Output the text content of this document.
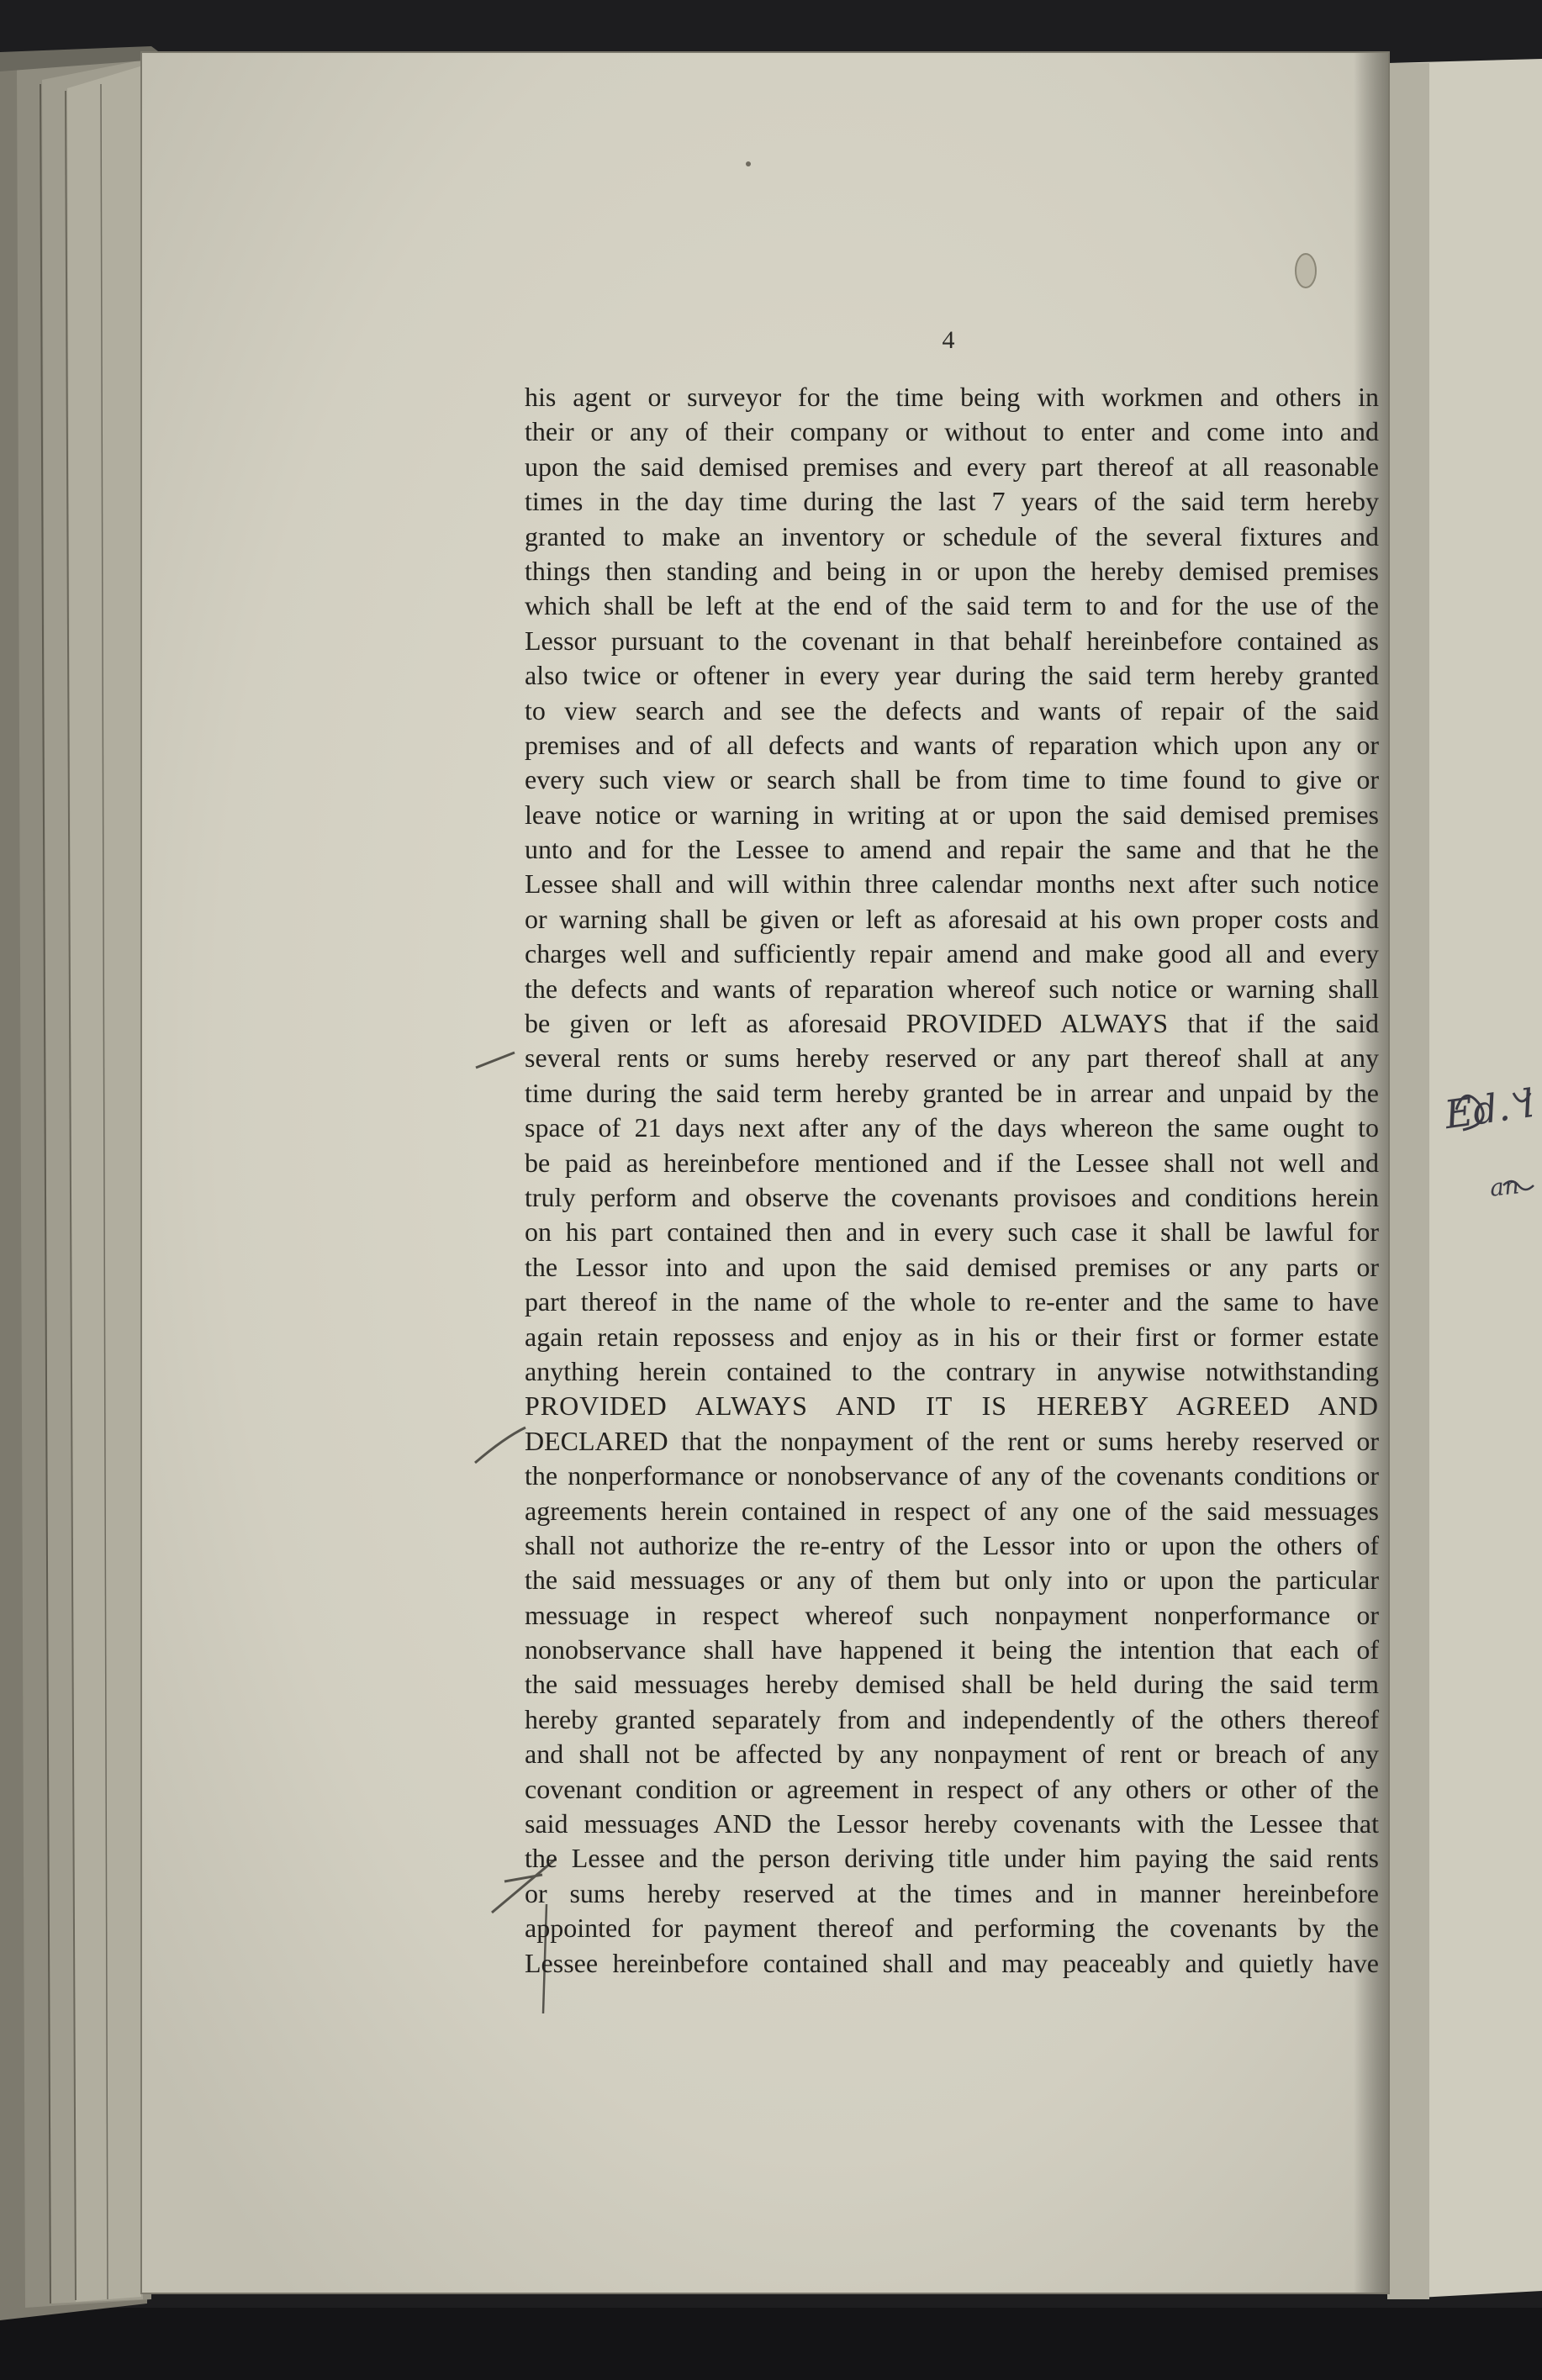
4
his agent or surveyor for the time being with workmen and others in
their or any of their company or without to enter and come into and
upon the said demised premises and every part thereof at all reasonable
times in the day time during the last 7 years of the said term hereby
granted to make an inventory or schedule of the several fixtures and
things then standing and being in or upon the hereby demised premises
which shall be left at the end of the said term to and for the use of the
Lessor pursuant to the covenant in that behalf hereinbefore contained as
also twice or oftener in every year during the said term hereby granted
to view search and see the defects and wants of repair of the said
premises and of all defects and wants of reparation which upon any or
every such view or search shall be from time to time found to give or
leave notice or warning in writing at or upon the said demised premises
unto and for the Lessee to amend and repair the same and that he the
Lessee shall and will within three calendar months next after such notice
or warning shall be given or left as aforesaid at his own proper costs and
charges well and sufficiently repair amend and make good all and every
the defects and wants of reparation whereof such notice or warning shall
be given or left as aforesaid PROVIDED ALWAYS that if the said
several rents or sums hereby reserved or any part thereof shall at any
time during the said term hereby granted be in arrear and unpaid by the
space of 21 days next after any of the days whereon the same ought to
be paid as hereinbefore mentioned and if the Lessee shall not well and
truly perform and observe the covenants provisoes and conditions herein
on his part contained then and in every such case it shall be lawful for
the Lessor into and upon the said demised premises or any parts or
part thereof in the name of the whole to re-enter and the same to have
again retain repossess and enjoy as in his or their first or former estate
anything herein contained to the contrary in anywise notwithstanding
PROVIDED ALWAYS AND IT IS HEREBY AGREED AND
DECLARED that the nonpayment of the rent or sums hereby reserved or
the nonperformance or nonobservance of any of the covenants conditions or
agreements herein contained in respect of any one of the said messuages
shall not authorize the re-entry of the Lessor into or upon the others of
the said messuages or any of them but only into or upon the particular
messuage in respect whereof such nonpayment nonperformance or
nonobservance shall have happened it being the intention that each of
the said messuages hereby demised shall be held during the said term
hereby granted separately from and independently of the others thereof
and shall not be affected by any nonpayment of rent or breach of any
covenant condition or agreement in respect of any others or other of the
said messuages AND the Lessor hereby covenants with the Lessee that
the Lessee and the person deriving title under him paying the said rents
or sums hereby reserved at the times and in manner hereinbefore
appointed for payment thereof and performing the covenants by the
Lessee hereinbefore contained shall and may peaceably and quietly have
Ed. l
an
